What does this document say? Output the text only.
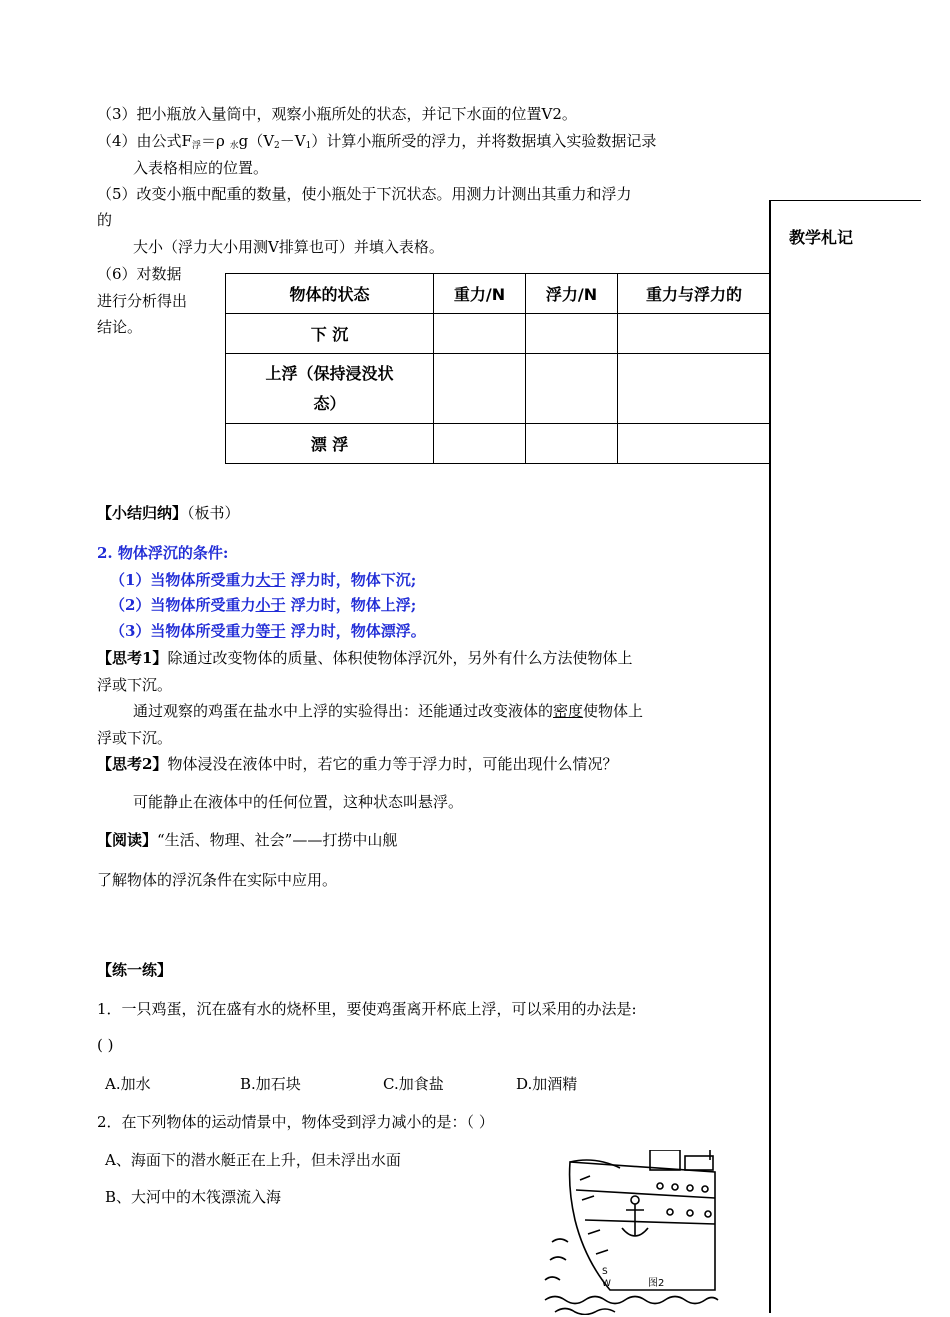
（3）把小瓶放入量筒中，观察小瓶所处的状态，并记下水面的位置V2。
（4）由公式$F_浮=\rho$ $_水g(V_2-V_1)$计算小瓶所受的浮力，并将数据填入实验数据记录
入表格相应的位置。
（5）改变小瓶中配重的数量，使小瓶处于下沉状态。用测力计测出其重力和浮力
的
大小（浮力大小用测V排算也可）并填入表格。
（6）对数据
进行分析得出
结论。
物体的状态	重力/N	浮力/N	重力与浮力的
下 沉			
上浮（保持浸没状
态）			
漂 浮			
教学札记
【小结归纳】（板书）
2. 物体浮沉的条件:
（1）当物体所受重力大于 浮力时，物体下沉;
（2）当物体所受重力小于 浮力时，物体上浮;
（3）当物体所受重力等于 浮力时，物体漂浮。
【思考1】除通过改变物体的质量、体积使物体浮沉外，另外有什么方法使物体上
浮或下沉。
通过观察的鸡蛋在盐水中上浮的实验得出：还能通过改变液体的密度使物体上
浮或下沉。
【思考2】物体浸没在液体中时，若它的重力等于浮力时，可能出现什么情况？
可能静止在液体中的任何位置，这种状态叫悬浮。
【阅读】“生活、物理、社会”——打捞中山舰
了解物体的浮沉条件在实际中应用。
【练一练】
1．一只鸡蛋，沉在盛有水的烧杯里，要使鸡蛋离开杯底上浮，可以采用的办法是:
( )
A.加水	B.加石块	C.加食盐	D.加酒精
2．在下列物体的运动情景中，物体受到浮力减小的是：（ ）
A、海面下的潜水艇正在上升，但未浮出水面
B、大河中的木筏漂流入海
S
W	图2
